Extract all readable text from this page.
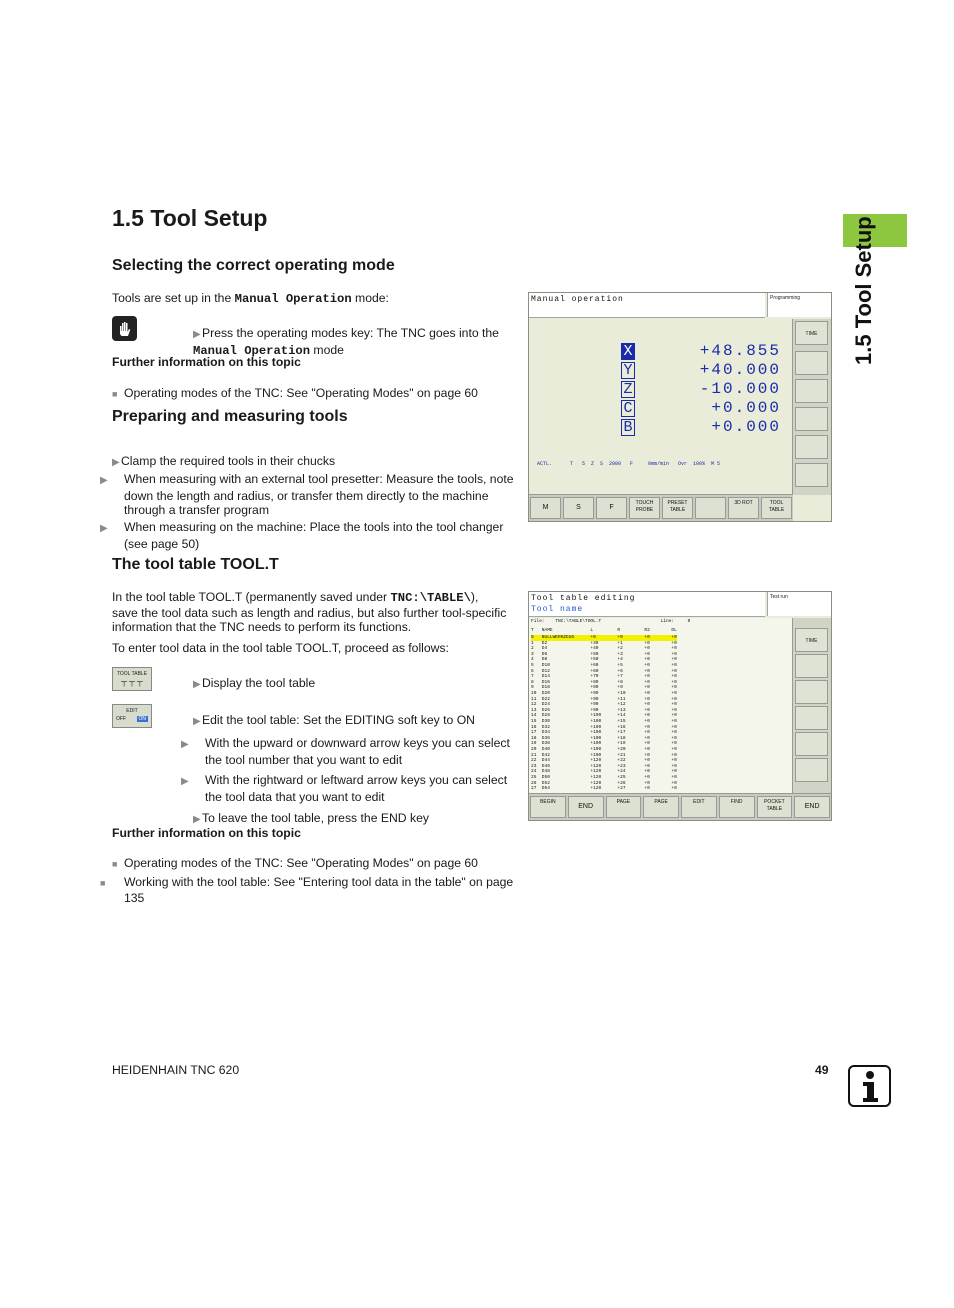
1.5 Tool Setup
1.5 Tool Setup
Selecting the correct operating mode

Tools are set up in the Manual Operation mode:

▶Press the operating modes key: The TNC goes into the Manual Operation mode

Further information on this topic

■ Operating modes of the TNC: See "Operating Modes" on page 60

Preparing and measuring tools

▶Clamp the required tools in their chucks

▶ When measuring with an external tool presetter: Measure the tools, note down the length and radius, or transfer them directly to the machine through a transfer program

▶ When measuring on the machine: Place the tools into the tool changer (see page 50)

The tool table TOOL.T

In the tool table TOOL.T (permanently saved under TNC:\TABLE\), save the tool data such as length and radius, but also further tool-specific information that the TNC needs to perform its functions.

To enter tool data in the tool table TOOL.T, proceed as follows:

TOOL TABLE
┬ ┬ ┬	▶Display the tool table

EDIT
OFF	ON	▶Edit the tool table: Set the EDITING soft key to ON

▶ With the upward or downward arrow keys you can select the tool number that you want to edit

▶ With the rightward or leftward arrow keys you can select the tool data that you want to edit

▶To leave the tool table, press the END key

Further information on this topic

■ Operating modes of the TNC: See "Operating Modes" on page 60

■ Working with the tool table: See "Entering tool data in the table" on page 135

Manual operation	Programming
TIME
X	+48.855
Y	+40.000
Z	-10.000
C	+0.000
B	+0.000
ACTL.      T   5  Z  S  2000   F     0mm/min   Ovr  100%  M 5
M	S	F
TOUCH PROBE
PRESET TABLE
3D ROT	TOOL TABLE
Tool table editing
Tool name
Test run
File:    TNC:\TABLE\TOOL.T                      Line:     0
T   NAME              L         R         R2        DL
0   NULLWERKZEUG      +0        +0        +0        +0
1   D2                +30       +1        +0        +0
2   D4                +40       +2        +0        +0
3   D6                +50       +3        +0        +0
4   D8                +50       +4        +0        +0
5   D10               +60       +5        +0        +0
6   D12               +60       +6        +0        +0
7   D14               +70       +7        +0        +0
8   D16               +80       +8        +0        +0
9   D18               +90       +9        +0        +0
10  D20               +90       +10       +0        +0
11  D22               +90       +11       +0        +0
12  D24               +90       +12       +0        +0
13  D26               +90       +13       +0        +0
14  D28               +100      +14       +0        +0
15  D30               +100      +15       +0        +0
16  D32               +100      +16       +0        +0
17  D34               +100      +17       +0        +0
18  D36               +100      +18       +0        +0
19  D38               +100      +19       +0        +0
20  D40               +100      +20       +0        +0
21  D42               +100      +21       +0        +0
22  D44               +120      +22       +0        +0
23  D46               +120      +23       +0        +0
24  D48               +120      +24       +0        +0
25  D50               +120      +25       +0        +0
26  D52               +120      +26       +0        +0
27  D54               +120      +27       +0        +0
TIME
BEGIN
END
PAGE	PAGE	EDIT	FIND	POCKET TABLE	END
HEIDENHAIN TNC 620	49
